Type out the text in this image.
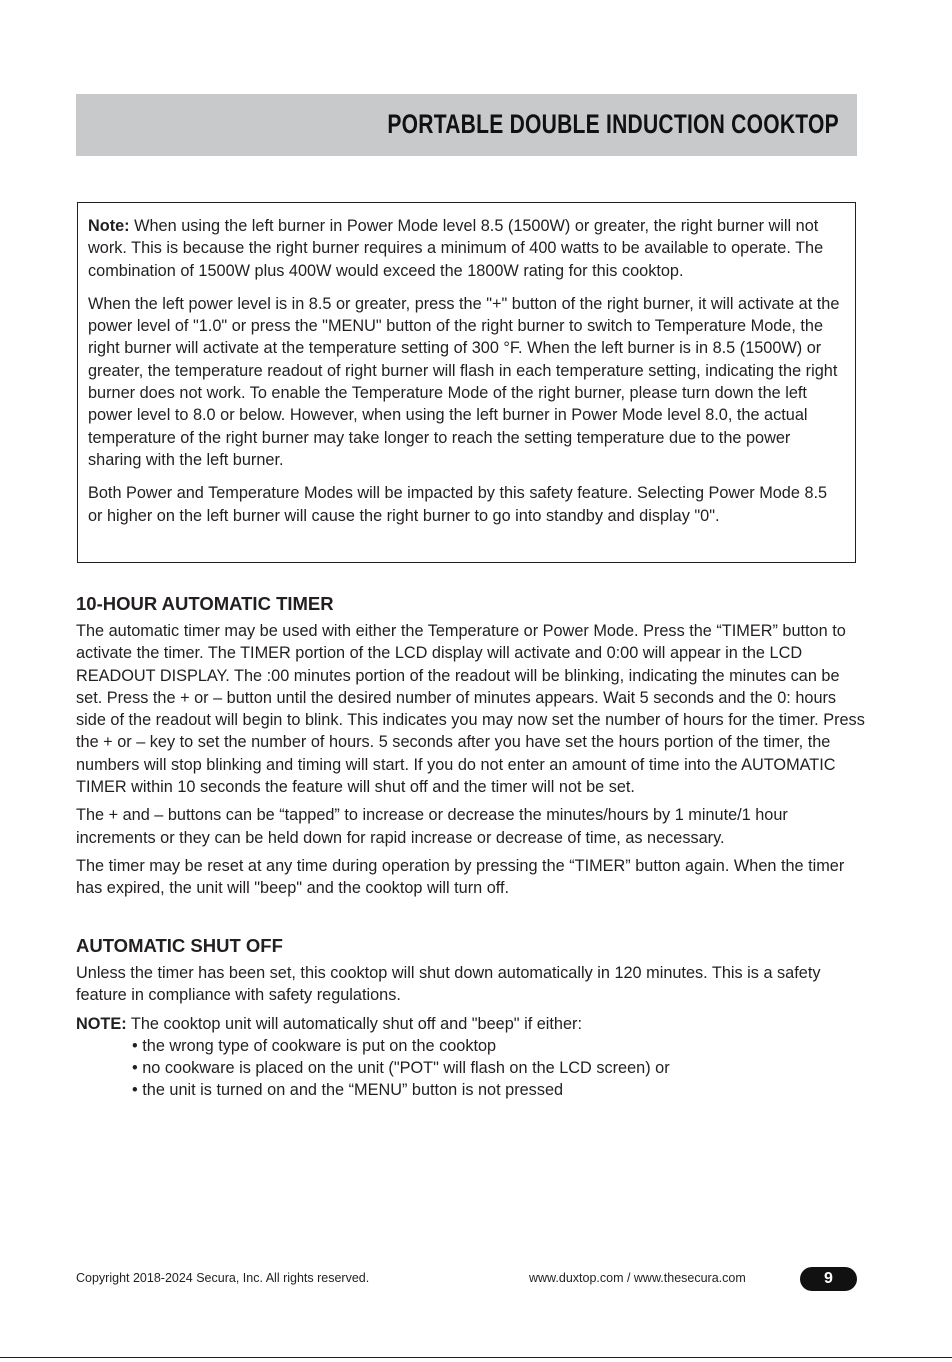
PORTABLE DOUBLE INDUCTION COOKTOP

Note: When using the left burner in Power Mode level 8.5 (1500W) or greater, the right burner will not work. This is because the right burner requires a minimum of 400 watts to be available to operate. The combination of 1500W plus 400W would exceed the 1800W rating for this cooktop.

When the left power level is in 8.5 or greater, press the "+" button of the right burner, it will activate at the power level of "1.0" or press the "MENU" button of the right burner to switch to Temperature Mode, the right burner will activate at the temperature setting of 300 °F. When the left burner is in 8.5 (1500W) or greater, the temperature readout of right burner will flash in each temperature setting, indicating the right burner does not work. To enable the Temperature Mode of the right burner, please turn down the left power level to 8.0 or below. However, when using the left burner in Power Mode level 8.0, the actual temperature of the right burner may take longer to reach the setting temperature due to the power sharing with the left burner.

Both Power and Temperature Modes will be impacted by this safety feature. Selecting Power Mode 8.5 or higher on the left burner will cause the right burner to go into standby and display "0".

10-HOUR AUTOMATIC TIMER

The automatic timer may be used with either the Temperature or Power Mode. Press the “TIMER” button to activate the timer. The TIMER portion of the LCD display will activate and 0:00 will appear in the LCD READOUT DISPLAY. The :00 minutes portion of the readout will be blinking, indicating the minutes can be set. Press the + or – button until the desired number of minutes appears. Wait 5 seconds and the 0: hours side of the readout will begin to blink. This indicates you may now set the number of hours for the timer. Press the + or – key to set the number of hours. 5 seconds after you have set the hours portion of the timer, the numbers will stop blinking and timing will start. If you do not enter an amount of time into the AUTOMATIC TIMER within 10 seconds the feature will shut off and the timer will not be set.

The + and – buttons can be “tapped” to increase or decrease the minutes/hours by 1 minute/1 hour increments or they can be held down for rapid increase or decrease of time, as necessary.

The timer may be reset at any time during operation by pressing the “TIMER” button again. When the timer has expired, the unit will "beep" and the cooktop will turn off.

AUTOMATIC SHUT OFF

Unless the timer has been set, this cooktop will shut down automatically in 120 minutes. This is a safety feature in compliance with safety regulations.

NOTE: The cooktop unit will automatically shut off and "beep" if either:

• the wrong type of cookware is put on the cooktop
• no cookware is placed on the unit ("POT" will flash on the LCD screen) or
• the unit is turned on and the “MENU” button is not pressed
Copyright 2018-2024 Secura, Inc. All rights reserved.	www.duxtop.com / www.thesecura.com	9
